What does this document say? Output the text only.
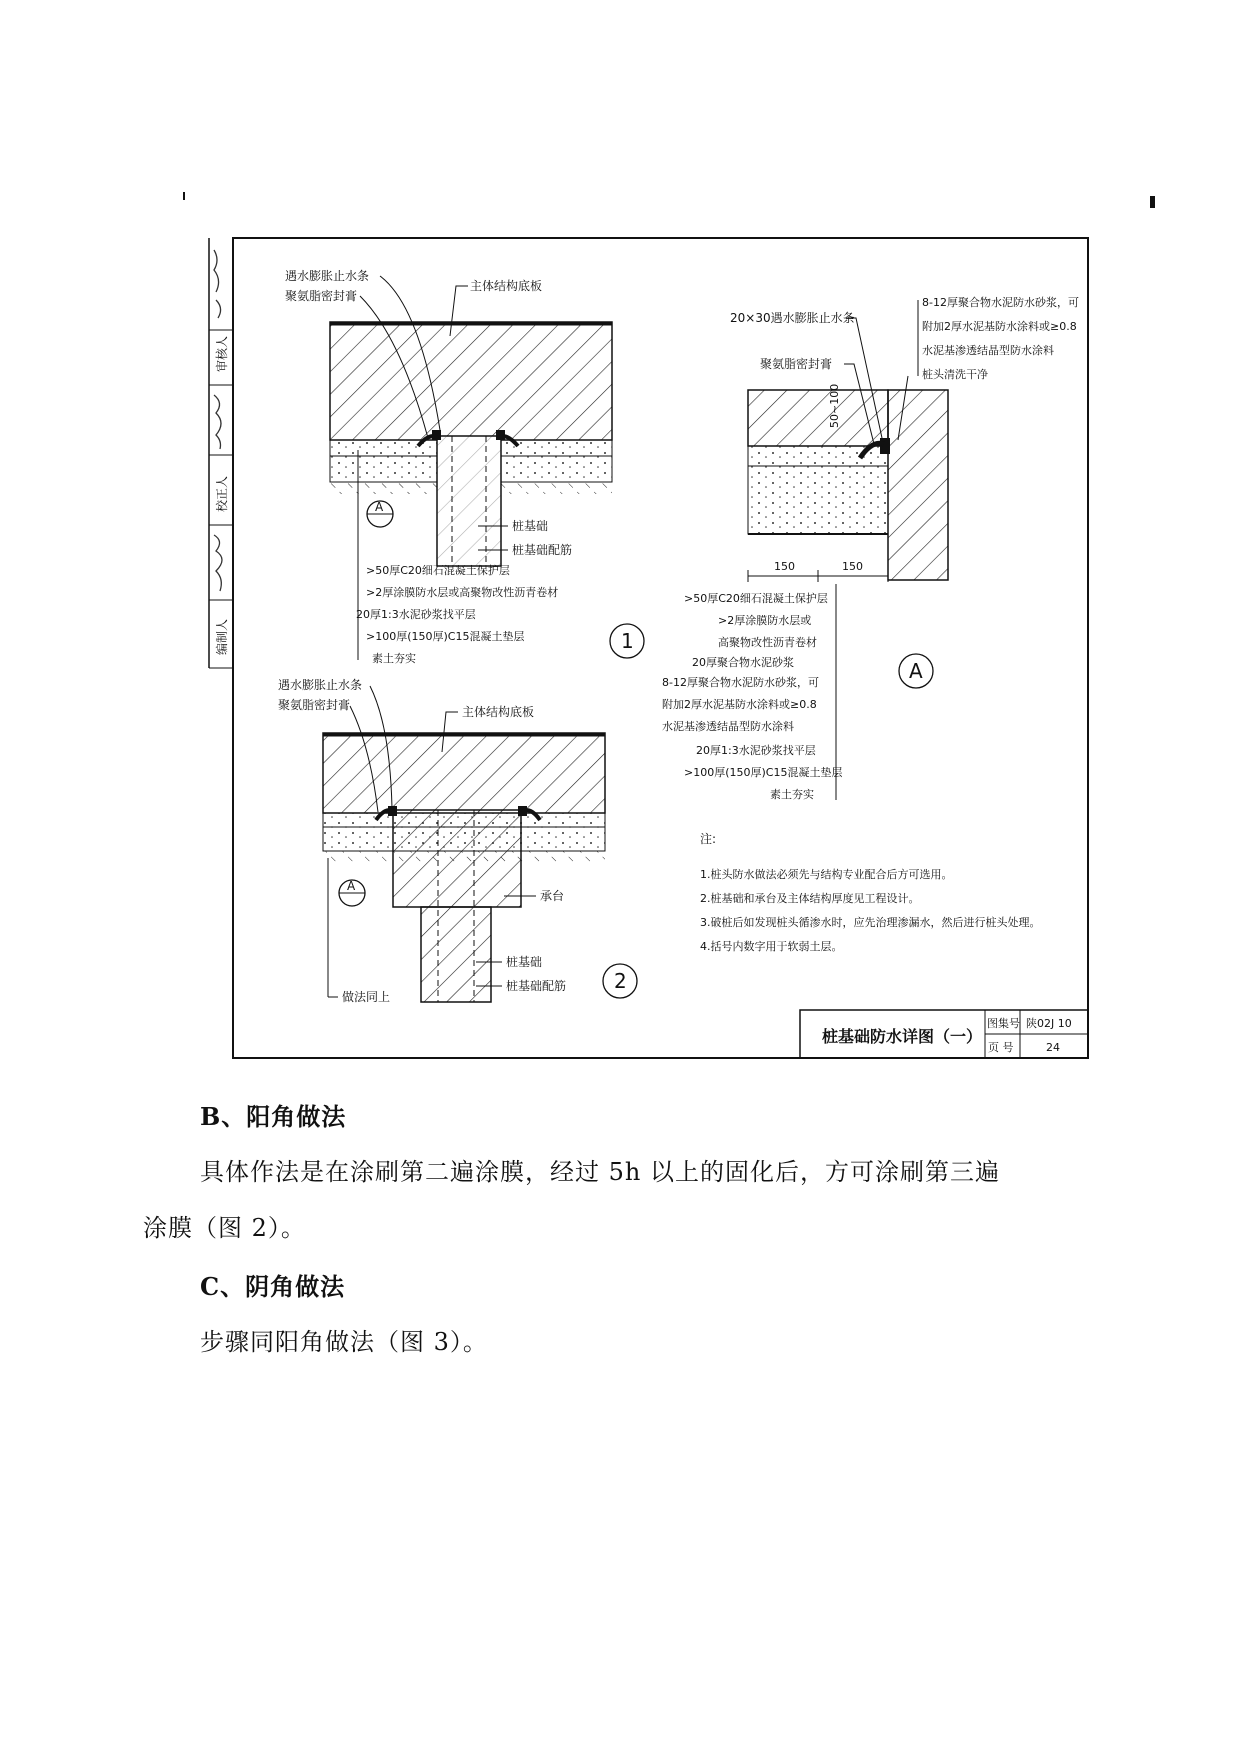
审核人
校正人
编制人
遇水膨胀止水条
聚氨脂密封膏
主体结构底板
桩基础
桩基础配筋
>50厚C20细石混凝土保护层
>2厚涂膜防水层或高聚物改性沥青卷材
20厚1:3水泥砂浆找平层
>100厚(150厚)C15混凝土垫层
素土夯实
A
1
遇水膨胀止水条
聚氨脂密封膏	主体结构底板
承台
桩基础
桩基础配筋
做法同上
A
2
20×30遇水膨胀止水条
聚氨脂密封膏
8-12厚聚合物水泥防水砂浆，可
附加2厚水泥基防水涂料或≥0.8
水泥基渗透结晶型防水涂料
桩头清洗干净
50~100
150	150
>50厚C20细石混凝土保护层
>2厚涂膜防水层或
高聚物改性沥青卷材
20厚聚合物水泥砂浆
8-12厚聚合物水泥防水砂浆，可
附加2厚水泥基防水涂料或≥0.8
水泥基渗透结晶型防水涂料
20厚1:3水泥砂浆找平层
>100厚(150厚)C15混凝土垫层
素土夯实
A
注:
1.桩头防水做法必须先与结构专业配合后方可选用。
2.桩基础和承台及主体结构厚度见工程设计。
3.破桩后如发现桩头循渗水时，应先治理渗漏水，然后进行桩头处理。
4.括号内数字用于软弱土层。
桩基础防水详图（一）
图集号 陕02J 10
页 号	24
B、阳角做法
具体作法是在涂刷第二遍涂膜，经过 5h 以上的固化后，方可涂刷第三遍
涂膜（图 2）。
C、阴角做法
步骤同阳角做法（图 3）。
